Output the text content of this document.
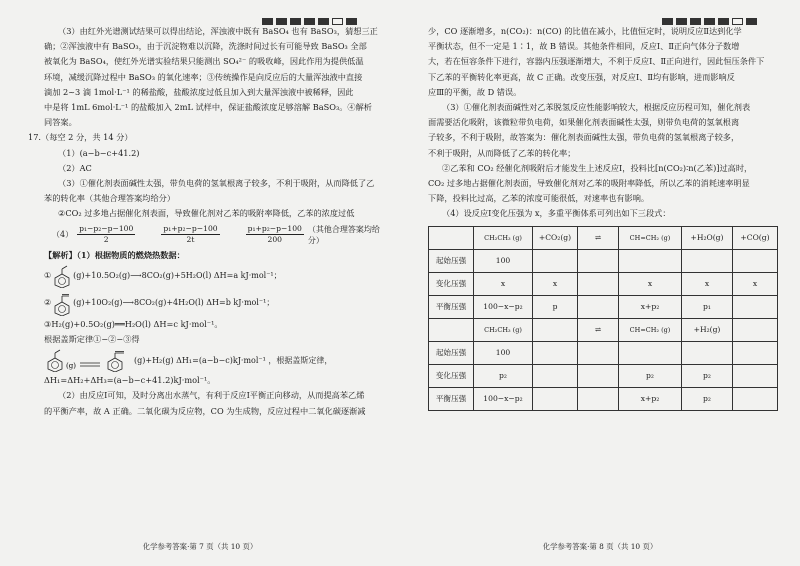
（3）由红外光谱测试结果可以得出结论，浑浊液中既有 BaSO₄ 也有 BaSO₃，猜想三正

确；②浑浊液中有 BaSO₃，由于沉淀物难以沉降，洗涤时间过长有可能导致 BaSO₃ 全部

被氧化为 BaSO₄，使红外光谱实验结果只能测出 SO₄²⁻ 的吸收峰，因此作用为提供低温

环境，减缓沉降过程中 BaSO₃ 的氧化速率；③传统操作是向反应后的大量浑浊液中直接

滴加 2~3 滴 1mol·L⁻¹ 的稀盐酸，盐酸浓度过低且加入到大量浑浊液中被稀释，因此

中是将 1mL 6mol·L⁻¹ 的盐酸加入 2mL 试样中，保证盐酸浓度足够溶解 BaSO₃。④解析

同答案。

17.（每空 2 分，共 14 分）

（1）(a−b−c+41.2)

（2）AC

（3）①催化剂表面碱性太强，带负电荷的氢氧根离子较多，不利于吸附，从而降低了乙

苯的转化率（其他合理答案均给分）

②CO₂ 过多地占据催化剂表面，导致催化剂对乙苯的吸附率降低，乙苯的浓度过低

$(4) \frac{\text{p₁−p₂−p−100}}{2}$	$\frac{\text{p₁+p₂−p−100}}{2t}$	$\frac{\text{p₁+p₂−p−100}}{200}$ （其他合理答案均给分）

【解析】（1）根据物质的燃烧热数据：

①	(g)+10.5O₂(g)⟶8CO₂(g)+5H₂O(l) ΔH=a kJ·mol⁻¹；
②	(g)+10O₂(g)⟶8CO₂(g)+4H₂O(l) ΔH=b kJ·mol⁻¹；

③H₂(g)+0.5O₂(g)══H₂O(l) ΔH=c kJ·mol⁻¹。

根据盖斯定律①−②−③得

(g)
(g)+H₂(g) ΔH₁=(a−b−c)kJ·mol⁻¹ ，根据盖斯定律，

ΔH₁=ΔH₂+ΔH₃=(a−b−c+41.2)kJ·mol⁻¹。

（2）由反应Ⅰ可知，及时分离出水蒸气，有利于反应Ⅰ平衡正向移动，从而提高苯乙烯

的平衡产率，故 A 正确。二氧化碳为反应物，CO 为生成物，反应过程中二氧化碳逐渐减

化学参考答案·第 7 页（共 10 页）

少，CO 逐渐增多，n(CO₂)：n(CO) 的比值在减小，比值恒定时，说明反应Ⅱ达到化学

平衡状态，但不一定是 1∶1，故 B 错误。其他条件相同，反应Ⅰ、Ⅱ正向气体分子数增

大，若在恒容条件下进行，容器内压强逐渐增大，不利于反应Ⅰ、Ⅱ正向进行，因此恒压条件下

下乙苯的平衡转化率更高，故 C 正确。改变压强，对反应Ⅰ、Ⅱ均有影响，进而影响反

应Ⅲ的平衡，故 D 错误。

（3）①催化剂表面碱性对乙苯脱氢反应性能影响较大，根据反应历程可知，催化剂表

面需要活化吸附，该微粒带负电荷，如果催化剂表面碱性太强，则带负电荷的氢氧根离

子较多，不利于吸附，故答案为：催化剂表面碱性太强，带负电荷的氢氧根离子较多，

不利于吸附，从而降低了乙苯的转化率；

②乙苯和 CO₂ 经催化剂吸附后才能发生上述反应Ⅰ，投料比[n(CO₂)∶n(乙苯)]过高时，

CO₂ 过多地占据催化剂表面，导致催化剂对乙苯的吸附率降低，所以乙苯的消耗速率明显

下降，投料比过高，乙苯的浓度可能很低，对速率也有影响。

（4）设反应Ⅰ变化压强为 x，多重平衡体系可列出如下三段式：

	CH₂CH₃ (g)	+CO₂(g)	⇌	CH=CH₂ (g)	+H₂O(g)	+CO(g)
起始压强	100					
变化压强	x	x		x	x	x
平衡压强	100−x−p₂	p		x+p₂	p₁	
	CH₂CH₃ (g)		⇌	CH=CH₂ (g)	+H₂(g)	
起始压强	100					
变化压强	p₂			p₂	p₂	
平衡压强	100−x−p₂			x+p₂	p₂	
化学参考答案·第 8 页（共 10 页）
